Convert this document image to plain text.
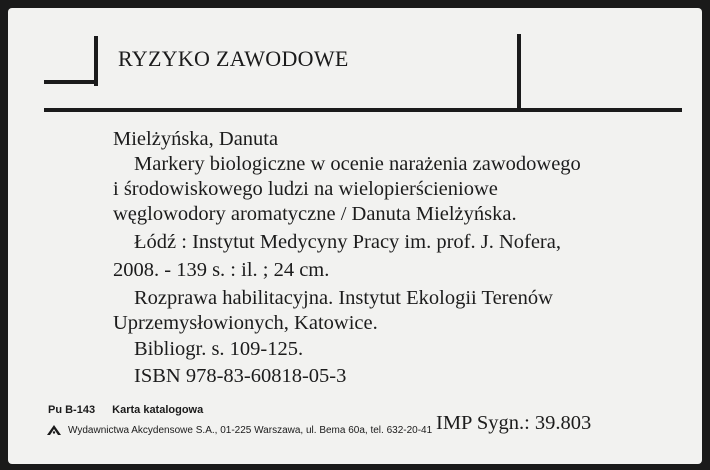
RYZYKO ZAWODOWE
Mielżyńska, Danuta
Markery biologiczne w ocenie narażenia zawodowego
i środowiskowego ludzi na wielopierścieniowe
węglowodory aromatyczne / Danuta Mielżyńska.
Łódź : Instytut Medycyny Pracy im. prof. J. Nofera,
2008. - 139 s. : il. ; 24 cm.
Rozprawa habilitacyjna. Instytut Ekologii Terenów
Uprzemysłowionych, Katowice.
Bibliogr. s. 109-125.
ISBN 978-83-60818-05-3
Pu B-143 Karta katalogowa
Wydawnictwa Akcydensowe S.A., 01-225 Warszawa, ul. Bema 60a, tel. 632-20-41 IMP Sygn.: 39.803
